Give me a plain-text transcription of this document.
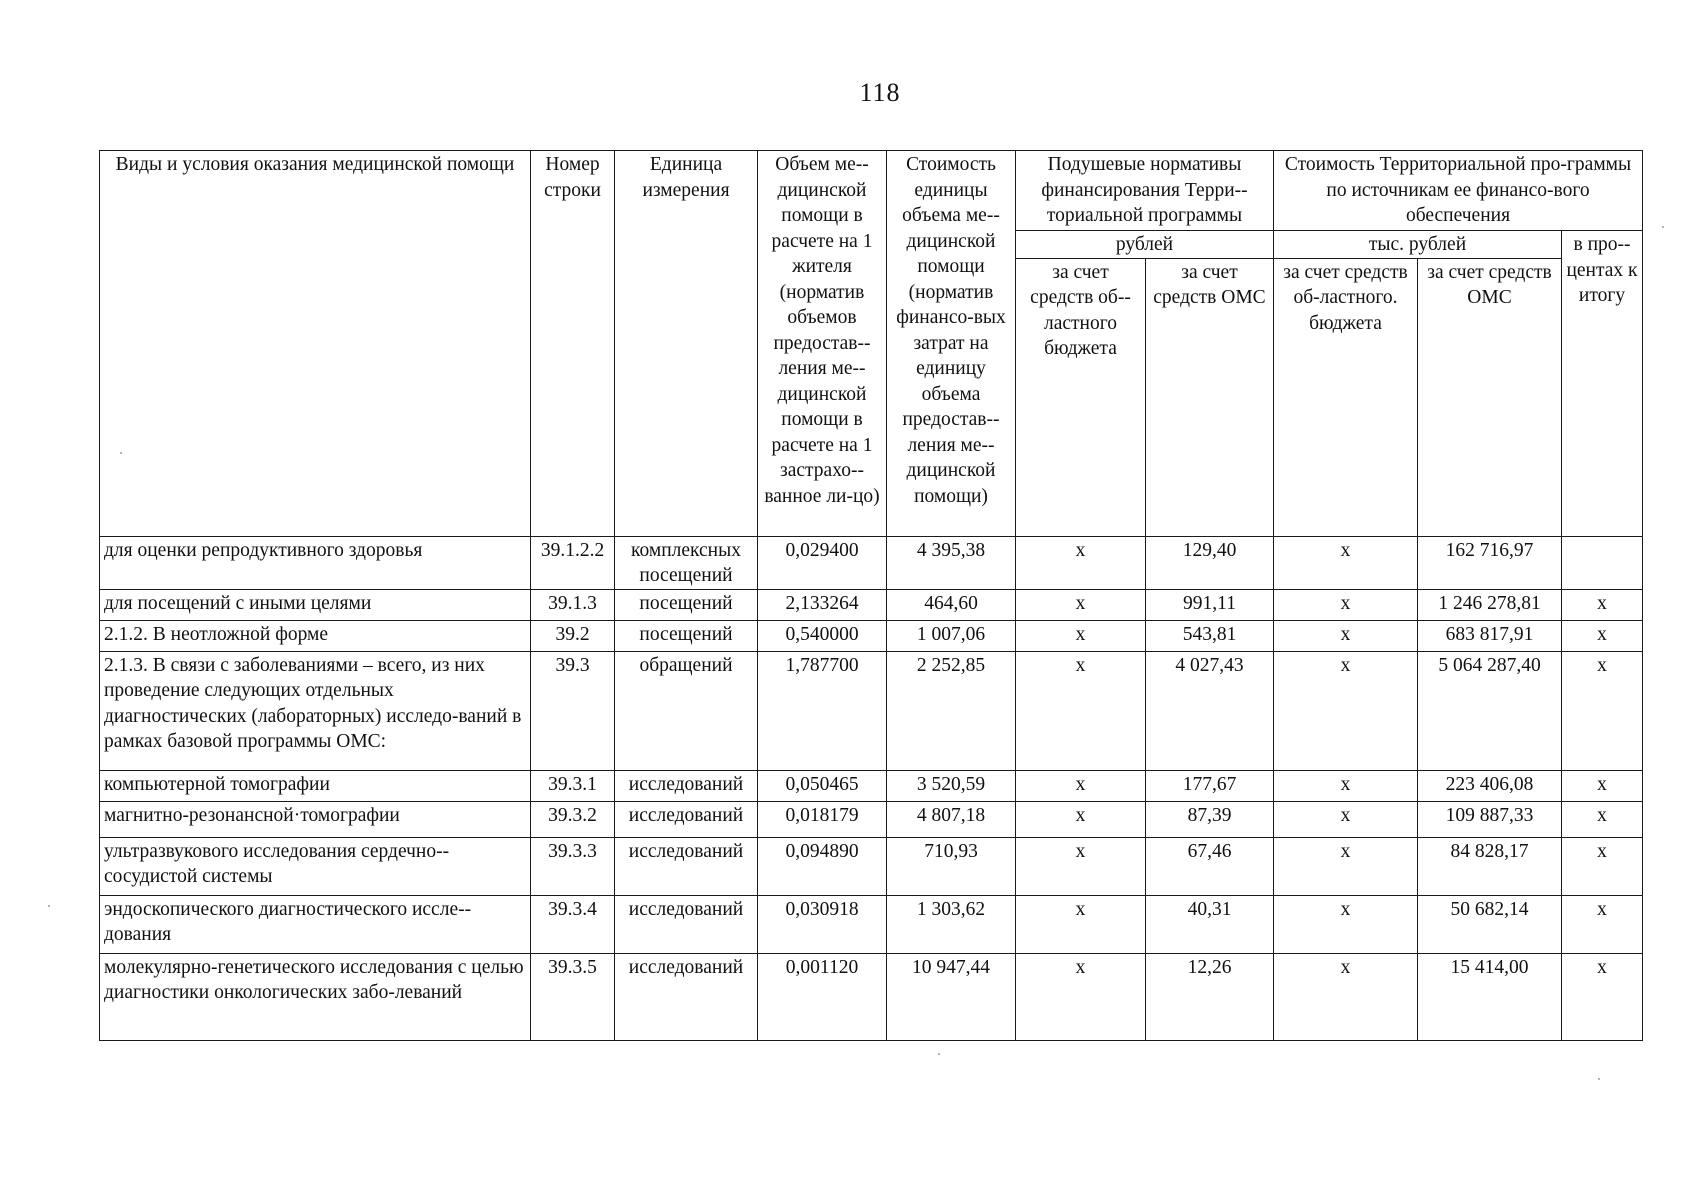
118
Виды и условия оказания медицинской помощи	Номер строки	Единица измерения	Объем ме-дицинской помощи в расчете на 1 жителя (норматив объемов предостав-ления ме-дицинской помощи в расчете на 1 застрахо-ванное ли-цо)	Стоимость единицы объема ме-дицинской помощи (норматив финансо-вых затрат на единицу объема предостав-ления ме-дицинской помощи)	Подушевые нормативы финансирования Терри-ториальной программы		Стоимость Территориальной про-граммы по источникам ее финансо-вого обеспечения		
					рублей		тыс. рублей		в про-центах к итогу
					за счет средств об-ластного бюджета	за счет средств ОМС	за счет средств об-ластного. бюджета	за счет средств ОМС	
для оценки репродуктивного здоровья	39.1.2.2	комплексных посещений	0,029400	4 395,38	х	129,40	х	162 716,97	
для посещений с иными целями	39.1.3	посещений	2,133264	464,60	х	991,11	х	1 246 278,81	х
2.1.2. В неотложной форме	39.2	посещений	0,540000	1 007,06	х	543,81	х	683 817,91	х
2.1.3. В связи с заболеваниями – всего, из них проведение следующих отдельных диагностических (лабораторных) исследо-ваний в рамках базовой программы ОМС:	39.3	обращений	1,787700	2 252,85	х	4 027,43	х	5 064 287,40	х
компьютерной томографии	39.3.1	исследований	0,050465	3 520,59	х	177,67	х	223 406,08	х
магнитно-резонансной·томографии	39.3.2	исследований	0,018179	4 807,18	х	87,39	х	109 887,33	х
ультразвукового исследования сердечно-сосудистой системы	39.3.3	исследований	0,094890	710,93	х	67,46	х	84 828,17	х
эндоскопического диагностического иссле-дования	39.3.4	исследований	0,030918	1 303,62	х	40,31	х	50 682,14	х
молекулярно-генетического исследования с целью диагностики онкологических забо-леваний	39.3.5	исследований	0,001120	10 947,44	х	12,26	х	15 414,00	х
